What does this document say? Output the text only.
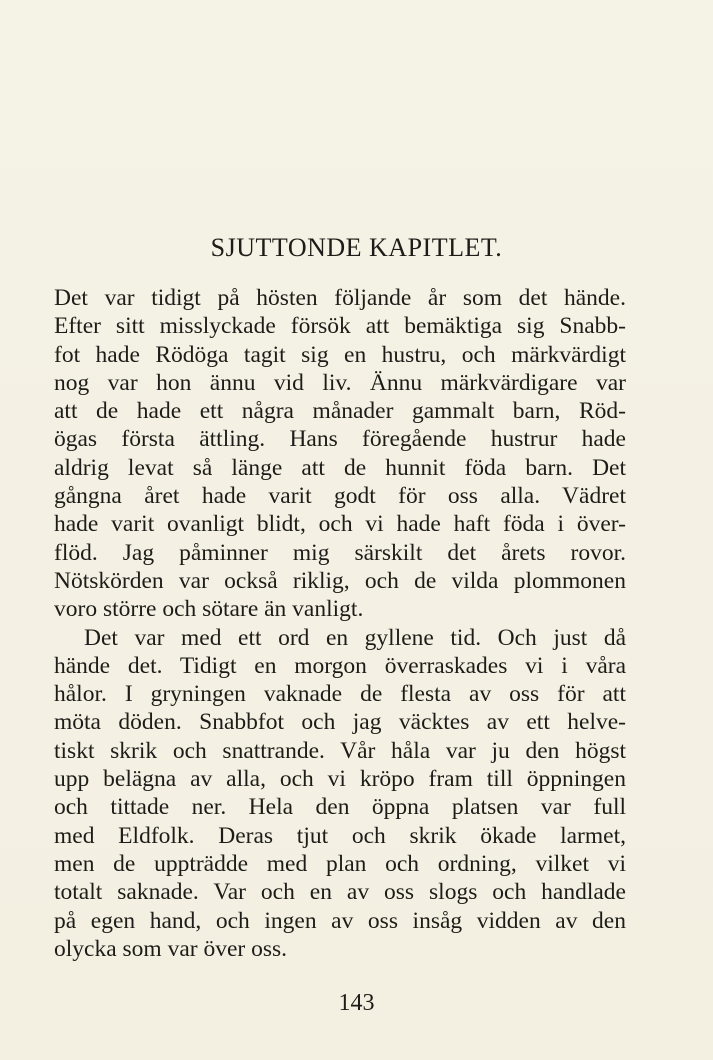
SJUTTONDE KAPITLET.
Det var tidigt på hösten följande år som det hände.
Efter sitt misslyckade försök att bemäktiga sig Snabb-
fot hade Rödöga tagit sig en hustru, och märkvärdigt
nog var hon ännu vid liv. Ännu märkvärdigare var
att de hade ett några månader gammalt barn, Röd-
ögas första ättling. Hans föregående hustrur hade
aldrig levat så länge att de hunnit föda barn. Det
gångna året hade varit godt för oss alla. Vädret
hade varit ovanligt blidt, och vi hade haft föda i över-
flöd. Jag påminner mig särskilt det årets rovor.
Nötskörden var också riklig, och de vilda plommonen
voro större och sötare än vanligt.
Det var med ett ord en gyllene tid. Och just då
hände det. Tidigt en morgon överraskades vi i våra
hålor. I gryningen vaknade de flesta av oss för att
möta döden. Snabbfot och jag väcktes av ett helve-
tiskt skrik och snattrande. Vår håla var ju den högst
upp belägna av alla, och vi kröpo fram till öppningen
och tittade ner. Hela den öppna platsen var full
med Eldfolk. Deras tjut och skrik ökade larmet,
men de uppträdde med plan och ordning, vilket vi
totalt saknade. Var och en av oss slogs och handlade
på egen hand, och ingen av oss insåg vidden av den
olycka som var över oss.
143
